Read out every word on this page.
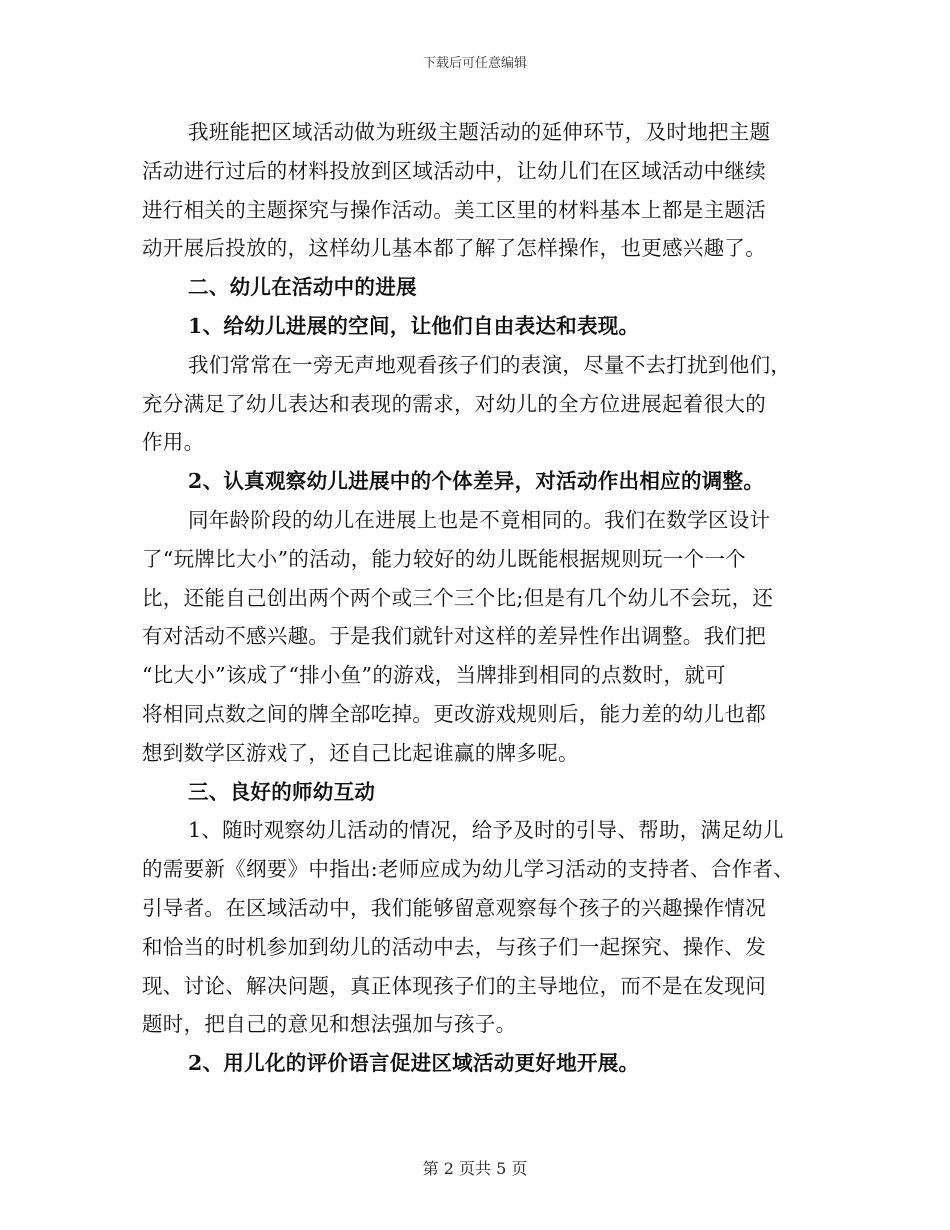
下载后可任意编辑
我班能把区域活动做为班级主题活动的延伸环节，及时地把主题
活动进行过后的材料投放到区域活动中，让幼儿们在区域活动中继续
进行相关的主题探究与操作活动。美工区里的材料基本上都是主题活
动开展后投放的，这样幼儿基本都了解了怎样操作，也更感兴趣了。
二、幼儿在活动中的进展
1、给幼儿进展的空间，让他们自由表达和表现。
我们常常在一旁无声地观看孩子们的表演，尽量不去打扰到他们，
充分满足了幼儿表达和表现的需求，对幼儿的全方位进展起着很大的
作用。
2、认真观察幼儿进展中的个体差异，对活动作出相应的调整。
同年龄阶段的幼儿在进展上也是不竟相同的。我们在数学区设计
了“玩牌比大小”的活动，能力较好的幼儿既能根据规则玩一个一个
比，还能自己创出两个两个或三个三个比;但是有几个幼儿不会玩，还
有对活动不感兴趣。于是我们就针对这样的差异性作出调整。我们把
“比大小”该成了“排小鱼”的游戏，当牌排到相同的点数时，就可
将相同点数之间的牌全部吃掉。更改游戏规则后，能力差的幼儿也都
想到数学区游戏了，还自己比起谁赢的牌多呢。
三、良好的师幼互动
1、随时观察幼儿活动的情况，给予及时的引导、帮助，满足幼儿
的需要新《纲要》中指出:老师应成为幼儿学习活动的支持者、合作者、
引导者。在区域活动中，我们能够留意观察每个孩子的兴趣操作情况
和恰当的时机参加到幼儿的活动中去，与孩子们一起探究、操作、发
现、讨论、解决问题，真正体现孩子们的主导地位，而不是在发现问
题时，把自己的意见和想法强加与孩子。
2、用儿化的评价语言促进区域活动更好地开展。
第 2 页共 5 页
